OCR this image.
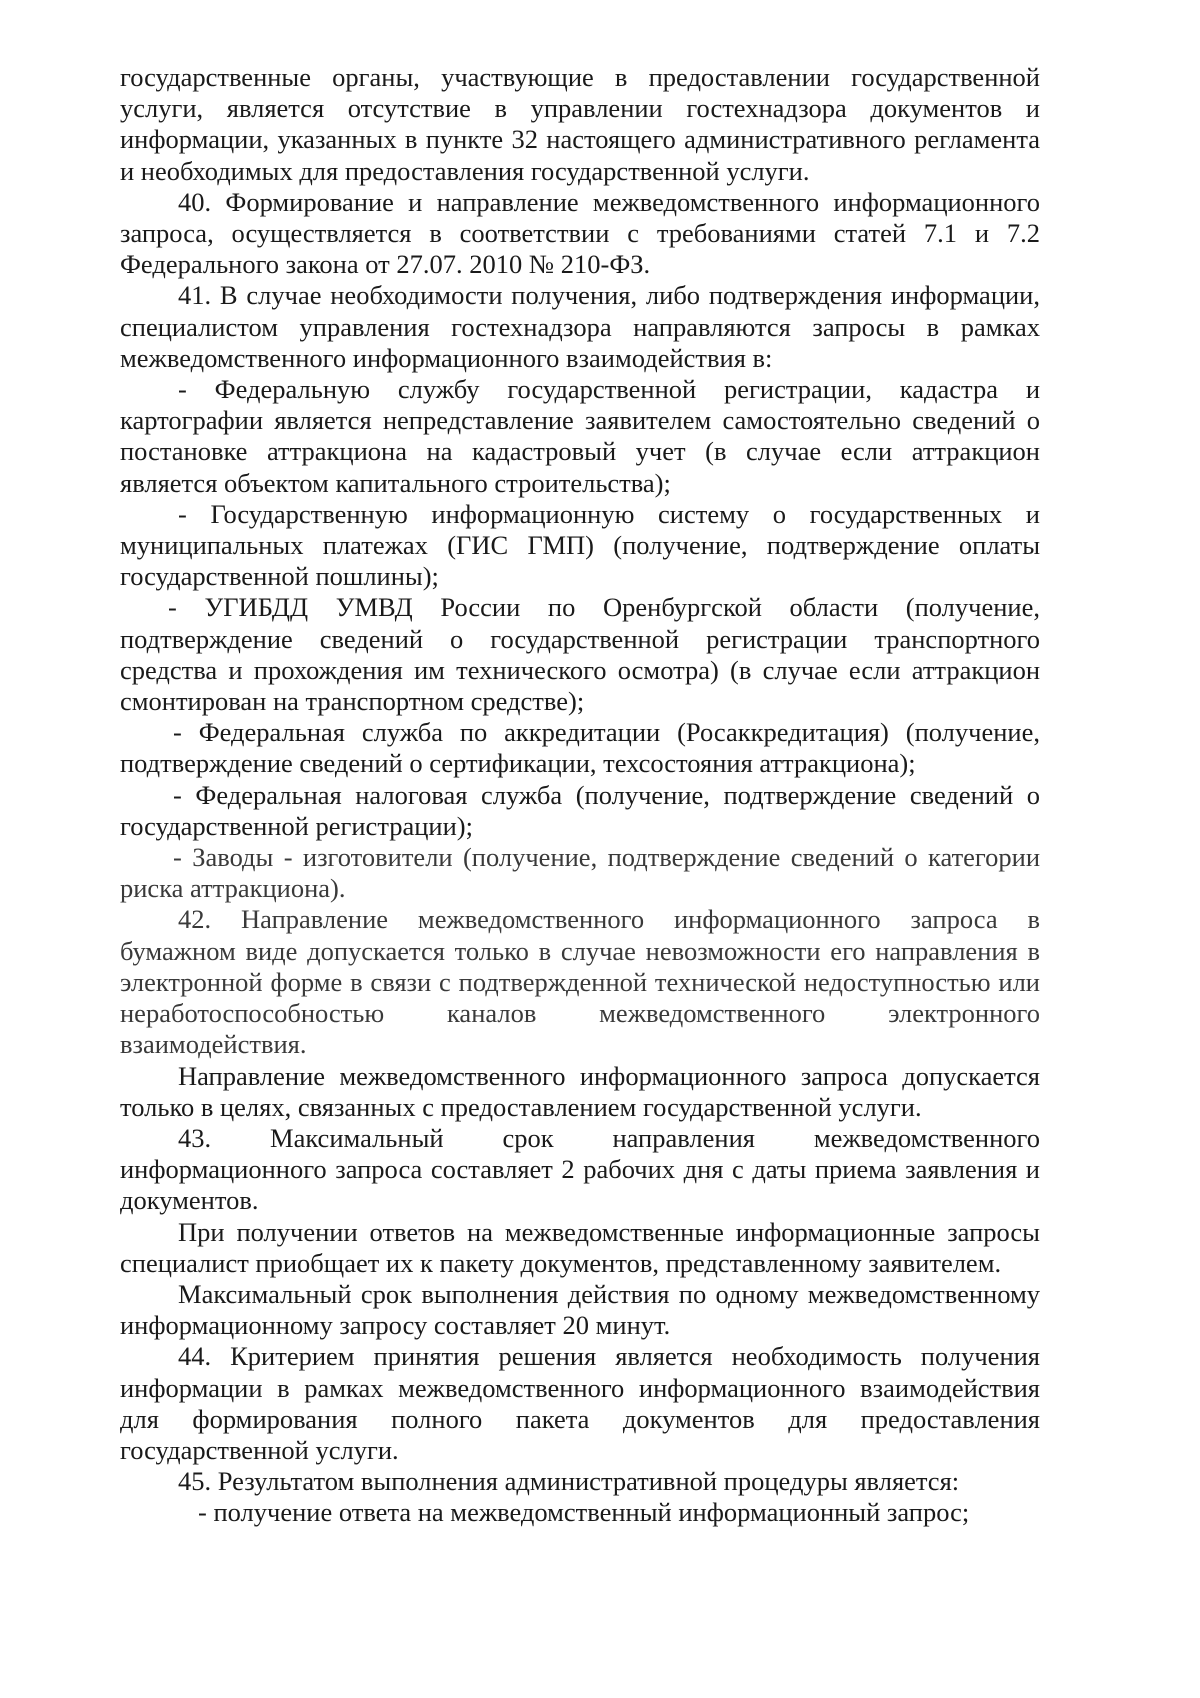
государственные органы, участвующие в предоставлении государственной услуги, является отсутствие в управлении гостехнадзора документов и информации, указанных в пункте 32 настоящего административного регламента и необходимых для предоставления государственной услуги.

40. Формирование и направление межведомственного информационного запроса, осуществляется в соответствии с требованиями статей 7.1 и 7.2 Федерального закона от 27.07. 2010 № 210-ФЗ.

41. В случае необходимости получения, либо подтверждения информации, специалистом управления гостехнадзора направляются запросы в рамках межведомственного информационного взаимодействия в:

- Федеральную службу государственной регистрации, кадастра и картографии является непредставление заявителем самостоятельно сведений о постановке аттракциона на кадастровый учет (в случае если аттракцион является объектом капитального строительства);

- Государственную информационную систему о государственных и муниципальных платежах (ГИС ГМП) (получение, подтверждение оплаты государственной пошлины);

- УГИБДД УМВД России по Оренбургской области (получение, подтверждение сведений о государственной регистрации транспортного средства и прохождения им технического осмотра) (в случае если аттракцион смонтирован на транспортном средстве);

- Федеральная служба по аккредитации (Росаккредитация) (получение, подтверждение сведений о сертификации, техсостояния аттракциона);

- Федеральная налоговая служба (получение, подтверждение сведений о государственной регистрации);

- Заводы - изготовители (получение, подтверждение сведений о категории риска аттракциона).

42. Направление межведомственного информационного запроса в бумажном виде допускается только в случае невозможности его направления в электронной форме в связи с подтвержденной технической недоступностью или неработоспособностью каналов межведомственного электронного взаимодействия.

Направление межведомственного информационного запроса допускается только в целях, связанных с предоставлением государственной услуги.

43. Максимальный срок направления межведомственного информационного запроса составляет 2 рабочих дня с даты приема заявления и документов.

При получении ответов на межведомственные информационные запросы специалист приобщает их к пакету документов, представленному заявителем.

Максимальный срок выполнения действия по одному межведомственному информационному запросу составляет 20 минут.

44. Критерием принятия решения является необходимость получения информации в рамках межведомственного информационного взаимодействия для формирования полного пакета документов для предоставления государственной услуги.

45. Результатом выполнения административной процедуры является:

- получение ответа на межведомственный информационный запрос;
